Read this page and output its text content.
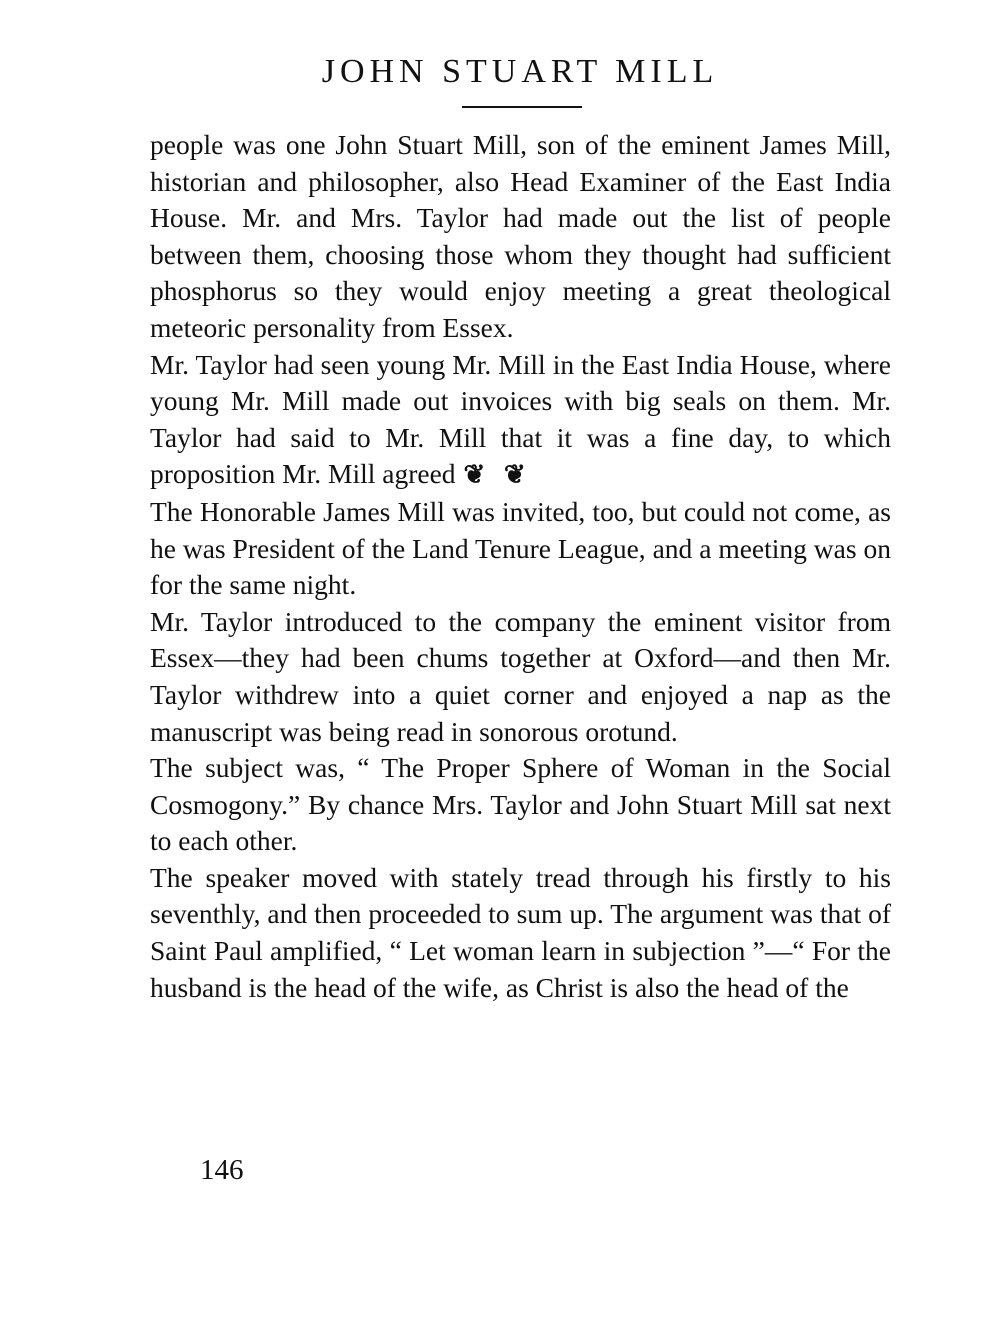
JOHN STUART MILL

people was one John Stuart Mill, son of the eminent James Mill, historian and philosopher, also Head Examiner of the East India House. Mr. and Mrs. Taylor had made out the list of people between them, choosing those whom they thought had sufficient phosphorus so they would enjoy meeting a great theological meteoric personality from Essex.

Mr. Taylor had seen young Mr. Mill in the East India House, where young Mr. Mill made out invoices with big seals on them. Mr. Taylor had said to Mr. Mill that it was a fine day, to which proposition Mr. Mill agreed ❦ ❦

The Honorable James Mill was invited, too, but could not come, as he was President of the Land Tenure League, and a meeting was on for the same night.

Mr. Taylor introduced to the company the eminent visitor from Essex—they had been chums together at Oxford—and then Mr. Taylor withdrew into a quiet corner and enjoyed a nap as the manuscript was being read in sonorous orotund.

The subject was, “ The Proper Sphere of Woman in the Social Cosmogony.” By chance Mrs. Taylor and John Stuart Mill sat next to each other.

The speaker moved with stately tread through his firstly to his seventhly, and then proceeded to sum up. The argument was that of Saint Paul amplified, “ Let woman learn in subjection ”—“ For the husband is the head of the wife, as Christ is also the head of the

146
